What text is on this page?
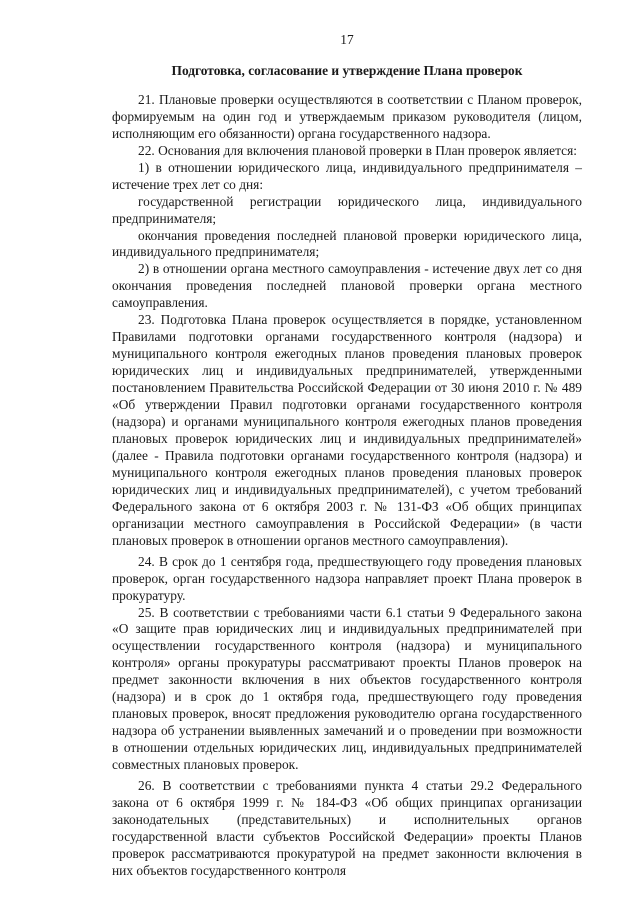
17
Подготовка, согласование и утверждение Плана проверок

21. Плановые проверки осуществляются в соответствии с Планом проверок, формируемым на один год и утверждаемым приказом руководителя (лицом, исполняющим его обязанности) органа государственного надзора.

22. Основания для включения плановой проверки в План проверок является:

1) в отношении юридического лица, индивидуального предпринимателя – истечение трех лет со дня:

государственной регистрации юридического лица, индивидуального предпринимателя;

окончания проведения последней плановой проверки юридического лица, индивидуального предпринимателя;

2) в отношении органа местного самоуправления - истечение двух лет со дня окончания проведения последней плановой проверки органа местного самоуправления.

23. Подготовка Плана проверок осуществляется в порядке, установленном Правилами подготовки органами государственного контроля (надзора) и муниципального контроля ежегодных планов проведения плановых проверок юридических лиц и индивидуальных предпринимателей, утвержденными постановлением Правительства Российской Федерации от 30 июня 2010 г. № 489 «Об утверждении Правил подготовки органами государственного контроля (надзора) и органами муниципального контроля ежегодных планов проведения плановых проверок юридических лиц и индивидуальных предпринимателей» (далее - Правила подготовки органами государственного контроля (надзора) и муниципального контроля ежегодных планов проведения плановых проверок юридических лиц и индивидуальных предпринимателей), с учетом требований Федерального закона от 6 октября 2003 г. № 131-ФЗ «Об общих принципах организации местного самоуправления в Российской Федерации» (в части плановых проверок в отношении органов местного самоуправления).

24. В срок до 1 сентября года, предшествующего году проведения плановых проверок, орган государственного надзора направляет проект Плана проверок в прокуратуру.

25. В соответствии с требованиями части 6.1 статьи 9 Федерального закона «О защите прав юридических лиц и индивидуальных предпринимателей при осуществлении государственного контроля (надзора) и муниципального контроля» органы прокуратуры рассматривают проекты Планов проверок на предмет законности включения в них объектов государственного контроля (надзора) и в срок до 1 октября года, предшествующего году проведения плановых проверок, вносят предложения руководителю органа государственного надзора об устранении выявленных замечаний и о проведении при возможности в отношении отдельных юридических лиц, индивидуальных предпринимателей совместных плановых проверок.

26. В соответствии с требованиями пункта 4 статьи 29.2 Федерального закона от 6 октября 1999 г. № 184-ФЗ «Об общих принципах организации законодательных (представительных) и исполнительных органов государственной власти субъектов Российской Федерации» проекты Планов проверок рассматриваются прокуратурой на предмет законности включения в них объектов государственного контроля
